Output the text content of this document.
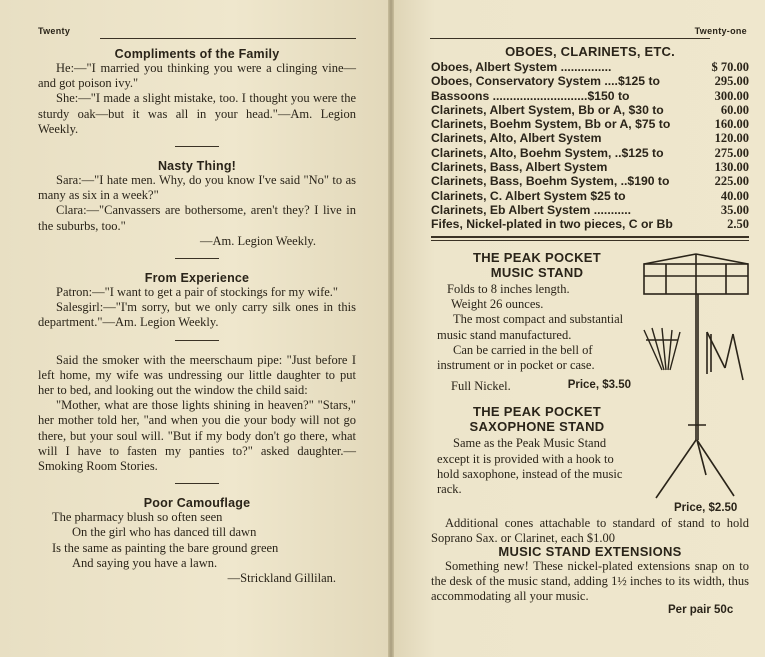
Twenty
Compliments of the Family
He:—"I married you thinking you were a clinging vine—and got poison ivy."
She:—"I made a slight mistake, too. I thought you were the sturdy oak—but it was all in your head."—Am. Legion Weekly.
Nasty Thing!
Sara:—"I hate men. Why, do you know I've said "No" to as many as six in a week?"
Clara:—"Canvassers are bothersome, aren't they? I live in the suburbs, too."
—Am. Legion Weekly.
From Experience
Patron:—"I want to get a pair of stockings for my wife."
Salesgirl:—"I'm sorry, but we only carry silk ones in this department."—Am. Legion Weekly.
Said the smoker with the meerschaum pipe: "Just before I left home, my wife was undressing our little daughter to put her to bed, and looking out the window the child said:
"Mother, what are those lights shining in heaven?" "Stars," her mother told her, "and when you die your body will not go there, but your soul will. "But if my body don't go there, what will I have to fasten my panties to?" asked daughter.—Smoking Room Stories.
Poor Camouflage
The pharmacy blush so often seen
On the girl who has danced till dawn
Is the same as painting the bare ground green
And saying you have a lawn.
—Strickland Gillilan.
Twenty-one
OBOES, CLARINETS, ETC.
Oboes, Albert System ...............	$ 70.00
Oboes, Conservatory System ....$125 to	295.00
Bassoons ............................$150 to	300.00
Clarinets, Albert System, Bb or A, $30 to	60.00
Clarinets, Boehm System, Bb or A, $75 to	160.00
Clarinets, Alto, Albert System	120.00
Clarinets, Alto, Boehm System, ..$125 to	275.00
Clarinets, Bass, Albert System	130.00
Clarinets, Bass, Boehm System, ..$190 to	225.00
Clarinets, C. Albert System $25 to	40.00
Clarinets, Eb Albert System ...........	35.00
Fifes, Nickel-plated in two pieces, C or Bb	2.50
THE PEAK POCKET
MUSIC STAND
Folds to 8 inches length.
Weight 26 ounces.
The most compact and substantial music stand manufactured.
Can be carried in the bell of instrument or in pocket or case.
Full Nickel.	Price, $3.50
THE PEAK POCKET
SAXOPHONE STAND
Same as the Peak Music Stand except it is provided with a hook to hold saxophone, instead of the music rack.
Price, $2.50
Additional cones attachable to standard of stand to hold Soprano Sax. or Clarinet, each $1.00
MUSIC STAND EXTENSIONS
Something new! These nickel-plated extensions snap on to the desk of the music stand, adding 1½ inches to its width, thus accommodating all your music.
Per pair 50c
